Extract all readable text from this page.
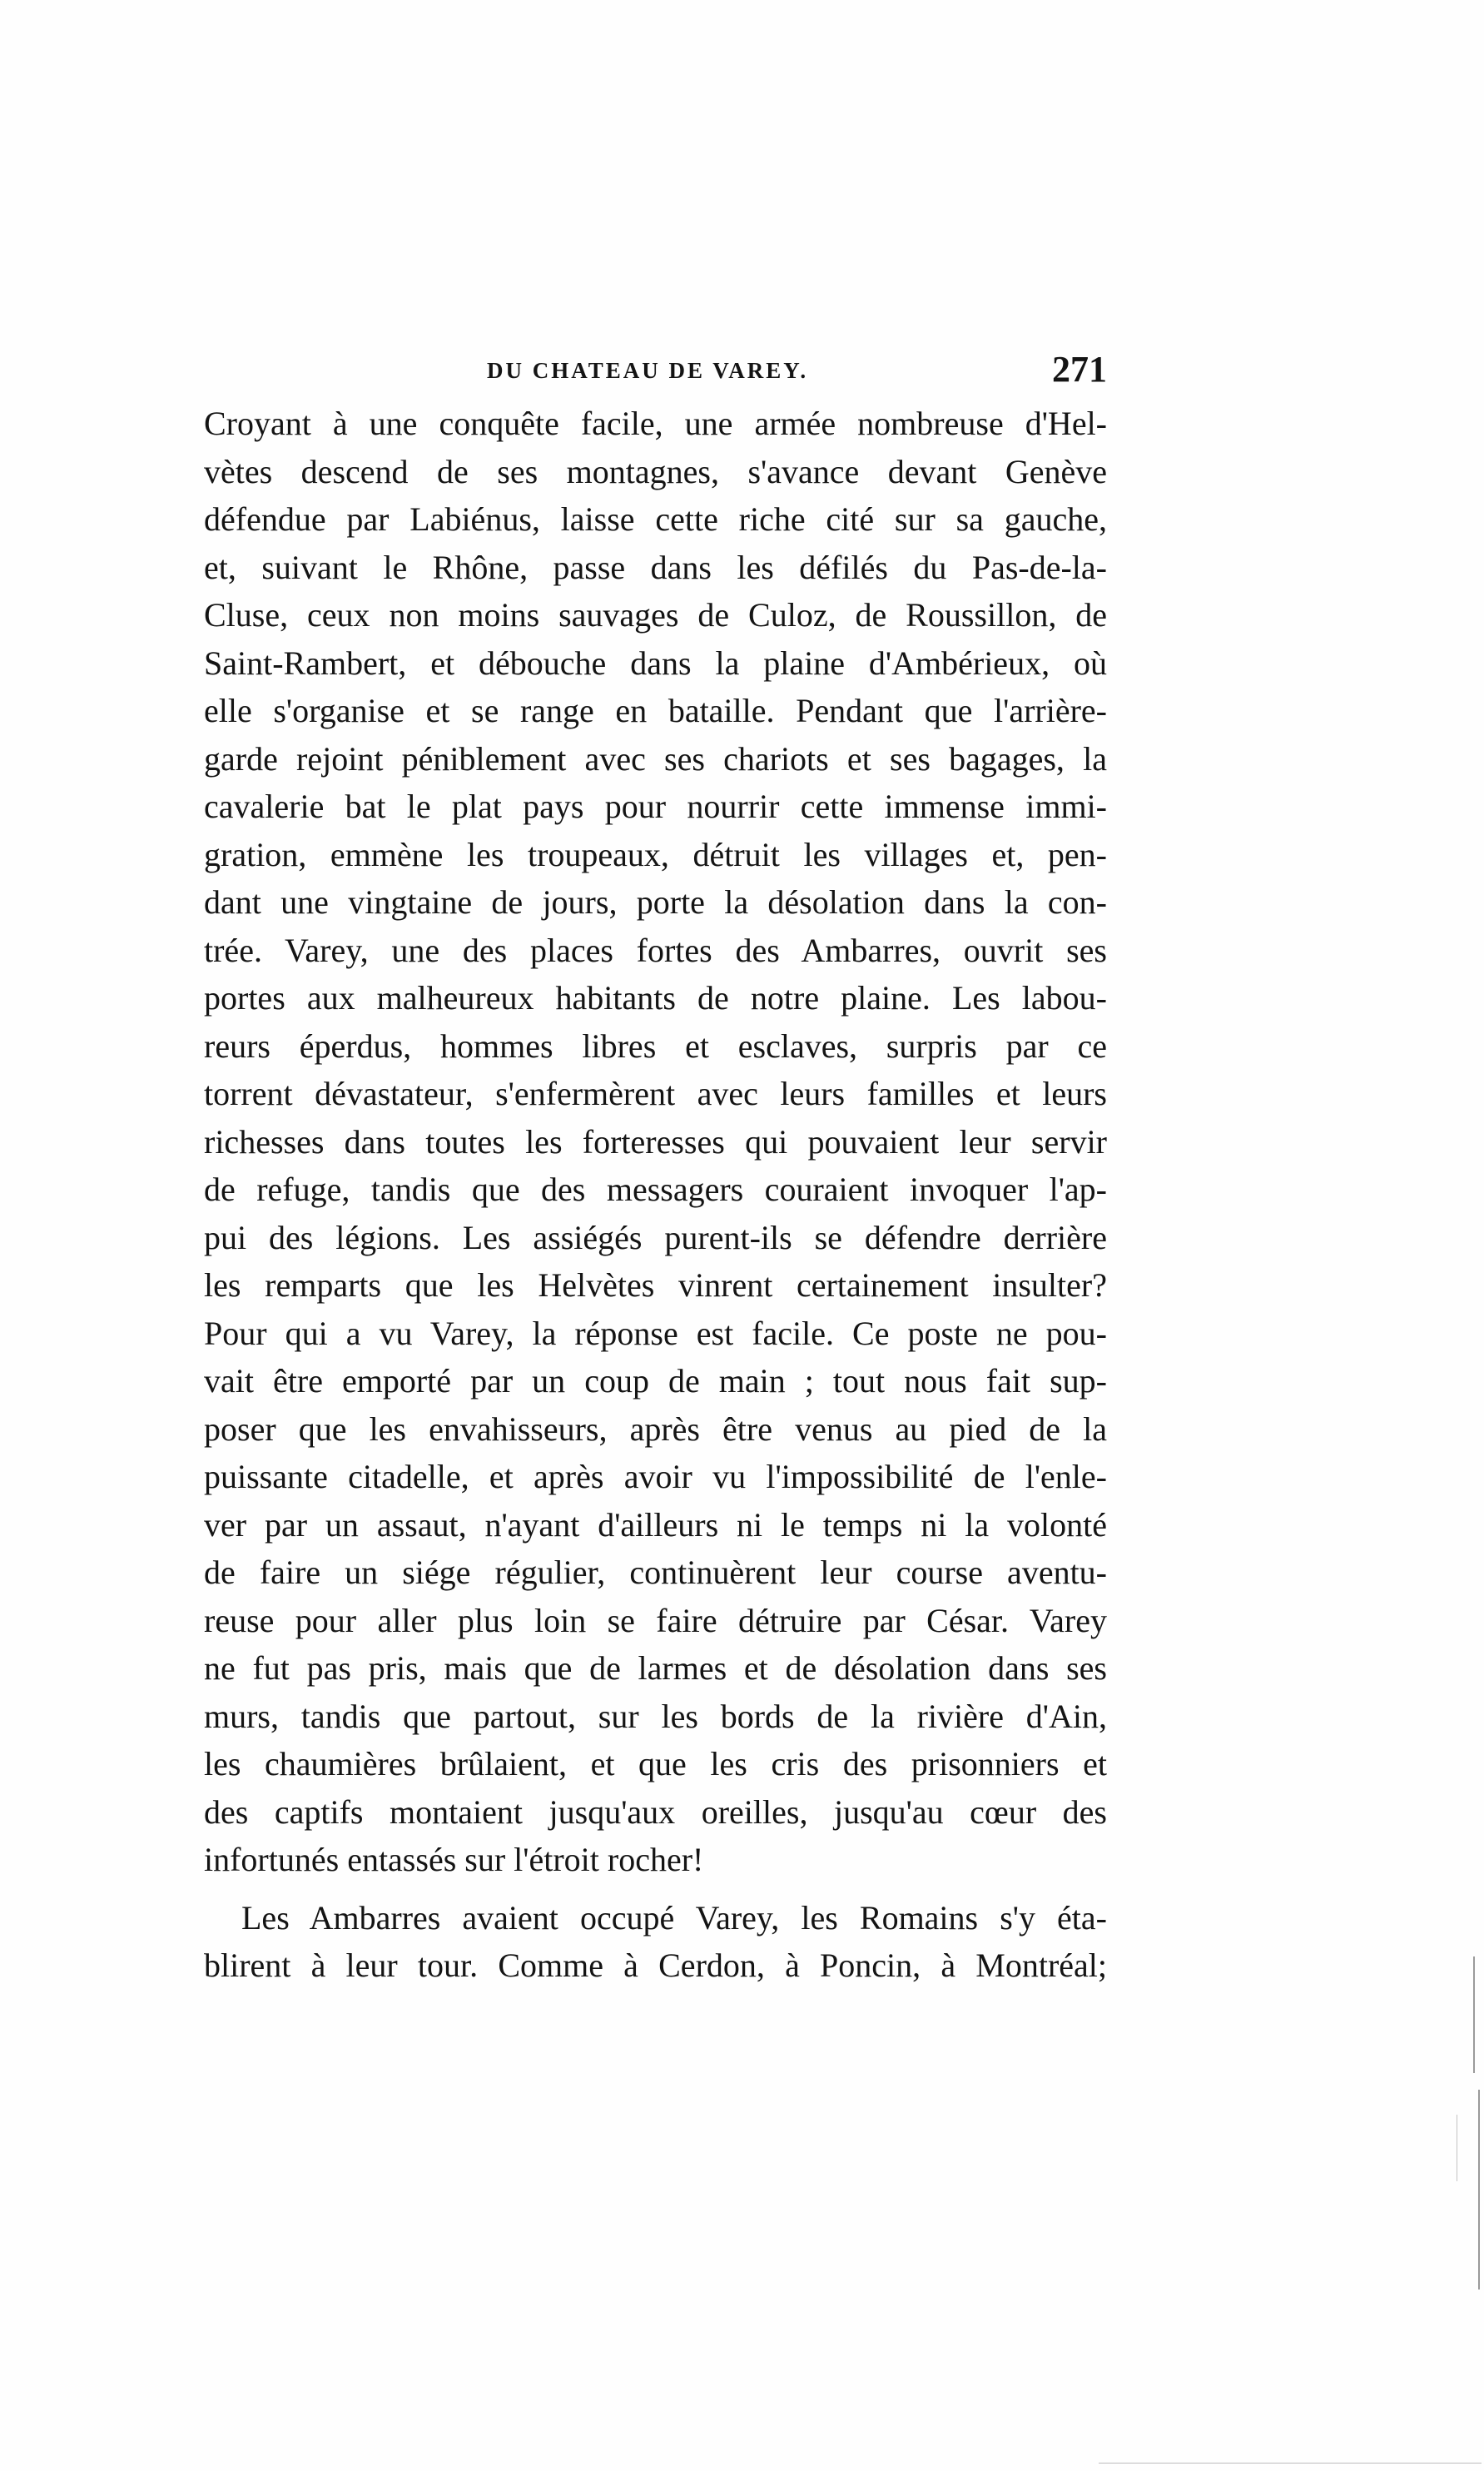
DU CHATEAU DE VAREY.	271
Croyant à une conquête facile, une armée nombreuse d'Hel-
vètes descend de ses montagnes, s'avance devant Genève
défendue par Labiénus, laisse cette riche cité sur sa gauche,
et, suivant le Rhône, passe dans les défilés du Pas-de-la-
Cluse, ceux non moins sauvages de Culoz, de Roussillon, de
Saint-Rambert, et débouche dans la plaine d'Ambérieux, où
elle s'organise et se range en bataille. Pendant que l'arrière-
garde rejoint péniblement avec ses chariots et ses bagages, la
cavalerie bat le plat pays pour nourrir cette immense immi-
gration, emmène les troupeaux, détruit les villages et, pen-
dant une vingtaine de jours, porte la désolation dans la con-
trée. Varey, une des places fortes des Ambarres, ouvrit ses
portes aux malheureux habitants de notre plaine. Les labou-
reurs éperdus, hommes libres et esclaves, surpris par ce
torrent dévastateur, s'enfermèrent avec leurs familles et leurs
richesses dans toutes les forteresses qui pouvaient leur servir
de refuge, tandis que des messagers couraient invoquer l'ap-
pui des légions. Les assiégés purent-ils se défendre derrière
les remparts que les Helvètes vinrent certainement insulter?
Pour qui a vu Varey, la réponse est facile. Ce poste ne pou-
vait être emporté par un coup de main ; tout nous fait sup-
poser que les envahisseurs, après être venus au pied de la
puissante citadelle, et après avoir vu l'impossibilité de l'enle-
ver par un assaut, n'ayant d'ailleurs ni le temps ni la volonté
de faire un siége régulier, continuèrent leur course aventu-
reuse pour aller plus loin se faire détruire par César. Varey
ne fut pas pris, mais que de larmes et de désolation dans ses
murs, tandis que partout, sur les bords de la rivière d'Ain,
les chaumières brûlaient, et que les cris des prisonniers et
des captifs montaient jusqu'aux oreilles, jusqu'au cœur des
infortunés entassés sur l'étroit rocher!
Les Ambarres avaient occupé Varey, les Romains s'y éta-
blirent à leur tour. Comme à Cerdon, à Poncin, à Montréal;
